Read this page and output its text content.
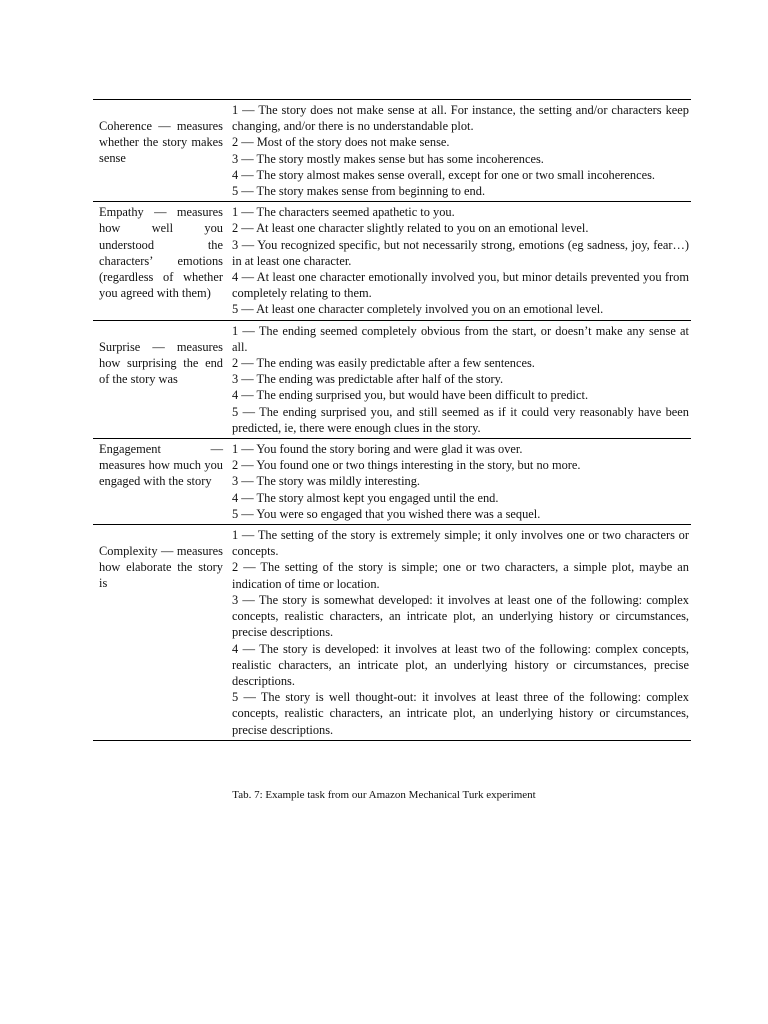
Coherence — measures whether the story makes sense	1 — The story does not make sense at all. For instance, the setting and/or characters keep changing, and/or there is no understandable plot.
2 — Most of the story does not make sense.
3 — The story mostly makes sense but has some incoherences.
4 — The story almost makes sense overall, except for one or two small incoherences.
5 — The story makes sense from beginning to end.

Empathy — measures how well you understood the characters’ emotions (regardless of whether you agreed with them)	1 — The characters seemed apathetic to you.
2 — At least one character slightly related to you on an emotional level.
3 — You recognized specific, but not necessarily strong, emotions (eg sadness, joy, fear…) in at least one character.
4 — At least one character emotionally involved you, but minor details prevented you from completely relating to them.
5 — At least one character completely involved you on an emotional level.

Surprise — measures how surprising the end of the story was	1 — The ending seemed completely obvious from the start, or doesn’t make any sense at all.
2 — The ending was easily predictable after a few sentences.
3 — The ending was predictable after half of the story.
4 — The ending surprised you, but would have been difficult to predict.
5 — The ending surprised you, and still seemed as if it could very reasonably have been predicted, ie, there were enough clues in the story.

Engagement — measures how much you engaged with the story	1 — You found the story boring and were glad it was over.
2 — You found one or two things interesting in the story, but no more.
3 — The story was mildly interesting.
4 — The story almost kept you engaged until the end.
5 — You were so engaged that you wished there was a sequel.

Complexity — measures how elaborate the story is	1 — The setting of the story is extremely simple; it only involves one or two characters or concepts.
2 — The setting of the story is simple; one or two characters, a simple plot, maybe an indication of time or location.
3 — The story is somewhat developed: it involves at least one of the following: complex concepts, realistic characters, an intricate plot, an underlying history or circumstances, precise descriptions.
4 — The story is developed: it involves at least two of the following: complex concepts, realistic characters, an intricate plot, an underlying history or circumstances, precise descriptions.
5 — The story is well thought-out: it involves at least three of the following: complex concepts, realistic characters, an intricate plot, an underlying history or circumstances, precise descriptions.
Tab. 7: Example task from our Amazon Mechanical Turk experiment
